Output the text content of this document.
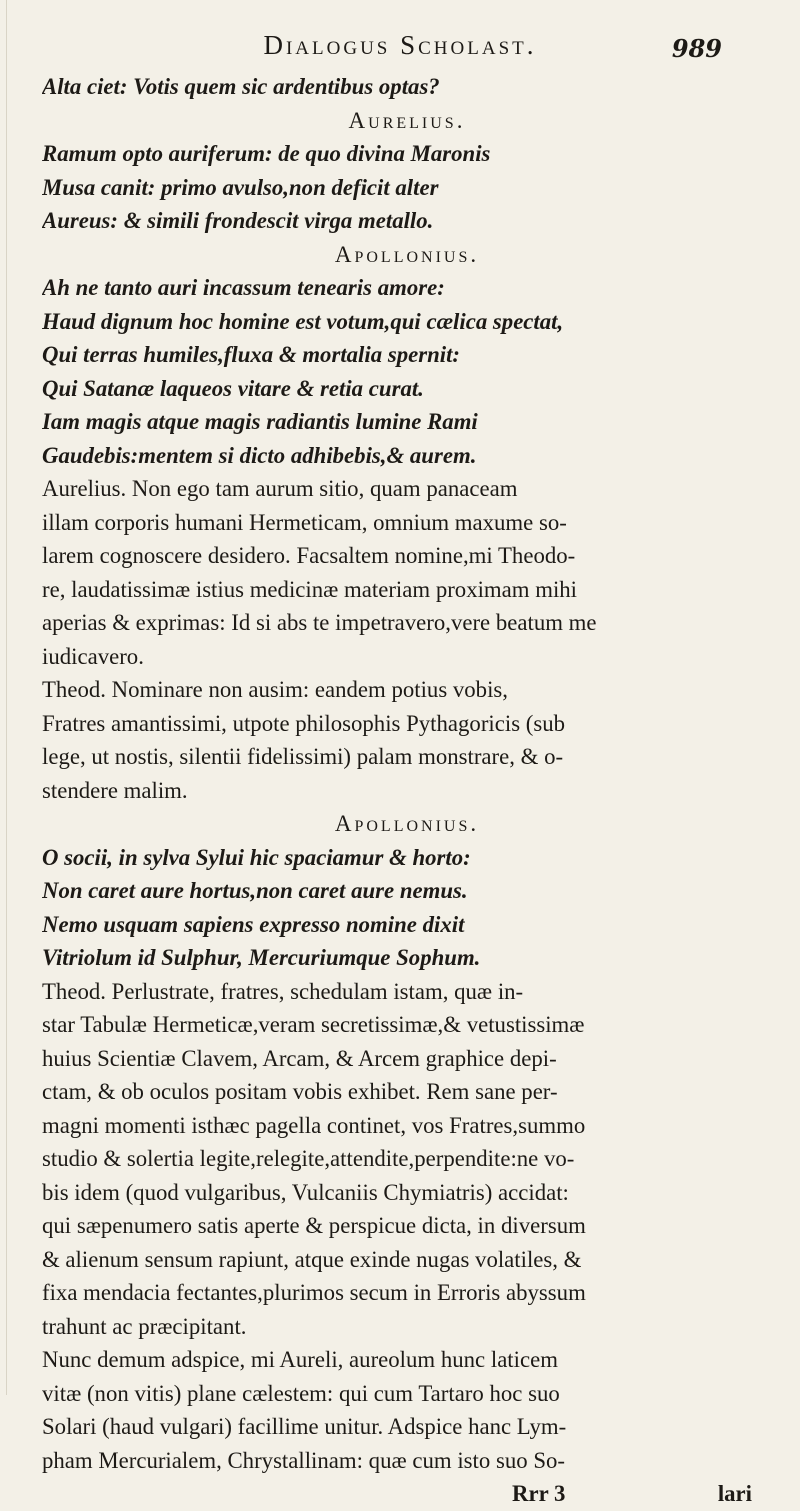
Dialogus Scholast.	989
Alta ciet: Votis quem sic ardentibus optas?
Aurelius.
Ramum opto auriferum: de quo divina Maronis
Musa canit: primo avulso,non deficit alter
Aureus: & simili frondescit virga metallo.
Apollonius.
Ah ne tanto auri incassum tenearis amore:
Haud dignum hoc homine est votum,qui cælica spectat,
Qui terras humiles,fluxa & mortalia spernit:
Qui Satanæ laqueos vitare & retia curat.
Iam magis atque magis radiantis lumine Rami
Gaudebis:mentem si dicto adhibebis,& aurem.
Aurelius. Non ego tam aurum sitio, quam panaceam
illam corporis humani Hermeticam, omnium maxume so-
larem cognoscere desidero. Facsaltem nomine,mi Theodo-
re, laudatissimæ istius medicinæ materiam proximam mihi
aperias & exprimas: Id si abs te impetravero,vere beatum me
iudicavero.
Theod. Nominare non ausim: eandem potius vobis,
Fratres amantissimi, utpote philosophis Pythagoricis (sub
lege, ut nostis, silentii fidelissimi) palam monstrare, & o-
stendere malim.
Apollonius.
O socii, in sylva Sylui hic spaciamur & horto:
Non caret aure hortus,non caret aure nemus.
Nemo usquam sapiens expresso nomine dixit
Vitriolum id Sulphur, Mercuriumque Sophum.
Theod. Perlustrate, fratres, schedulam istam, quæ in-
star Tabulæ Hermeticæ,veram secretissimæ,& vetustissimæ
huius Scientiæ Clavem, Arcam, & Arcem graphice depi-
ctam, & ob oculos positam vobis exhibet. Rem sane per-
magni momenti isthæc pagella continet, vos Fratres,summo
studio & solertia legite,relegite,attendite,perpendite:ne vo-
bis idem (quod vulgaribus, Vulcaniis Chymiatris) accidat:
qui sæpenumero satis aperte & perspicue dicta, in diversum
& alienum sensum rapiunt, atque exinde nugas volatiles, &
fixa mendacia fectantes,plurimos secum in Erroris abyssum
trahunt ac præcipitant.
Nunc demum adspice, mi Aureli, aureolum hunc laticem
vitæ (non vitis) plane cælestem: qui cum Tartaro hoc suo
Solari (haud vulgari) facillime unitur. Adspice hanc Lym-
pham Mercurialem, Chrystallinam: quæ cum isto suo So-
Rrr 3	lari
